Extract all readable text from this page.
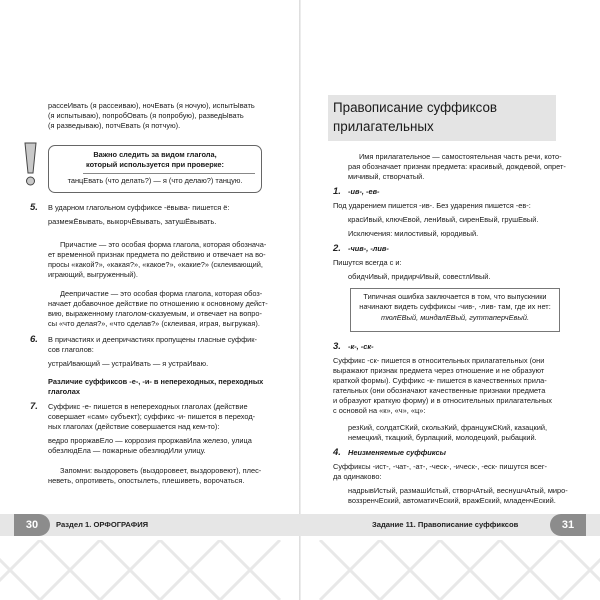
рассеИвать (я рассеиваю), ночЕвать (я ночую), испытЫвать

(я испытываю), попробОвать (я попробую), разведЫвать

(я разведываю), потчЕвать (я потчую).

Важно следить за видом глагола,
который используется при проверке:
танцЕвать (что делать?) — я (что делаю?) танцую.
5. В ударном глагольном суффиксе -ёвыва- пишется ё:

размежЁвывать, выкорчЁвывать, затушЁвывать.

Причастие — это особая форма глагола, которая обознача-

ет временной признак предмета по действию и отвечает на во-

просы «какой?», «какая?», «какое?», «какие?» (склеивающий,

играющий, выгруженный).

Деепричастие — это особая форма глагола, которая обоз-

начает добавочное действие по отношению к основному дейст-

вию, выраженному глаголом-сказуемым, и отвечает на вопро-

сы «что делая?», «что сделав?» (склеивая, играя, выгружая).

6. В причастиях и деепричастиях пропущены гласные суффик-

сов глаголов:

устраИвающий — устраИвать — я устраИваю.

Различие суффиксов -е-, -и- в непереходных, переходных

глаголах

7. Суффикс -е- пишется в непереходных глаголах (действие

совершает «сам» субъект); суффикс -и- пишется в переход-

ных глаголах (действие совершается над кем-то):

ведро проржавЕло — коррозия проржавИла железо, улица

обезлюдЕла — пожарные обезлюдИли улицу.

Запомни: выздороветь (выздоровеет, выздоровеют), плес-

неветь, опротиветь, опостылеть, плешиветь, ворочаться.

Правописание суффиксов

прилагательных

Имя прилагательное — самостоятельная часть речи, кото-

рая обозначает признак предмета: красивый, дождевой, опрет-

мичивый, створчатый.

1. -ив-, -ев-

Под ударением пишется -ив-. Без ударения пишется -ев-:

красИвый, ключЕвой, ленИвый, сиренЕвый, грушЕвый.

Исключения: милостивый, юродивый.

2. -чив-, -лив-

Пишутся всегда с и:

обидчИвый, придирчИвый, совестлИвый.

Типичная ошибка заключается в том, что выпускники
начинают видеть суффиксы -чив-, -лив- там, где их нет:
тюлЕВый, миндалЕВый, гуттаперчЕвый.
3. -к-, -ск-

Суффикс -ск- пишется в относительных прилагательных (они

выражают признак предмета через отношение и не образуют

краткой формы). Суффикс -к- пишется в качественных прила-

гательных (они обозначают качественные признаки предмета

и образуют краткую форму) и в относительных прилагательных

с основой на «к», «ч», «ц»:

резКий, солдатСКий, скользКий, францужСКий, казацкий,

немецкий, ткацкий, бурлацкий, молодецкий, рыбацкий.

4. Неизменяемые суффиксы

Суффиксы -ист-, -чат-, -ат-, -ческ-, -ическ-, -еск- пишутся всег-

да одинаково:

надрывИстый, размашИстый, створчАтый, веснушчАтый, миро-

воззренчЕский, автоматичЕский, вражЕский, младенчЕский.

30	Раздел 1. ОРФОГРАФИЯ	Задание 11. Правописание суффиксов	31
